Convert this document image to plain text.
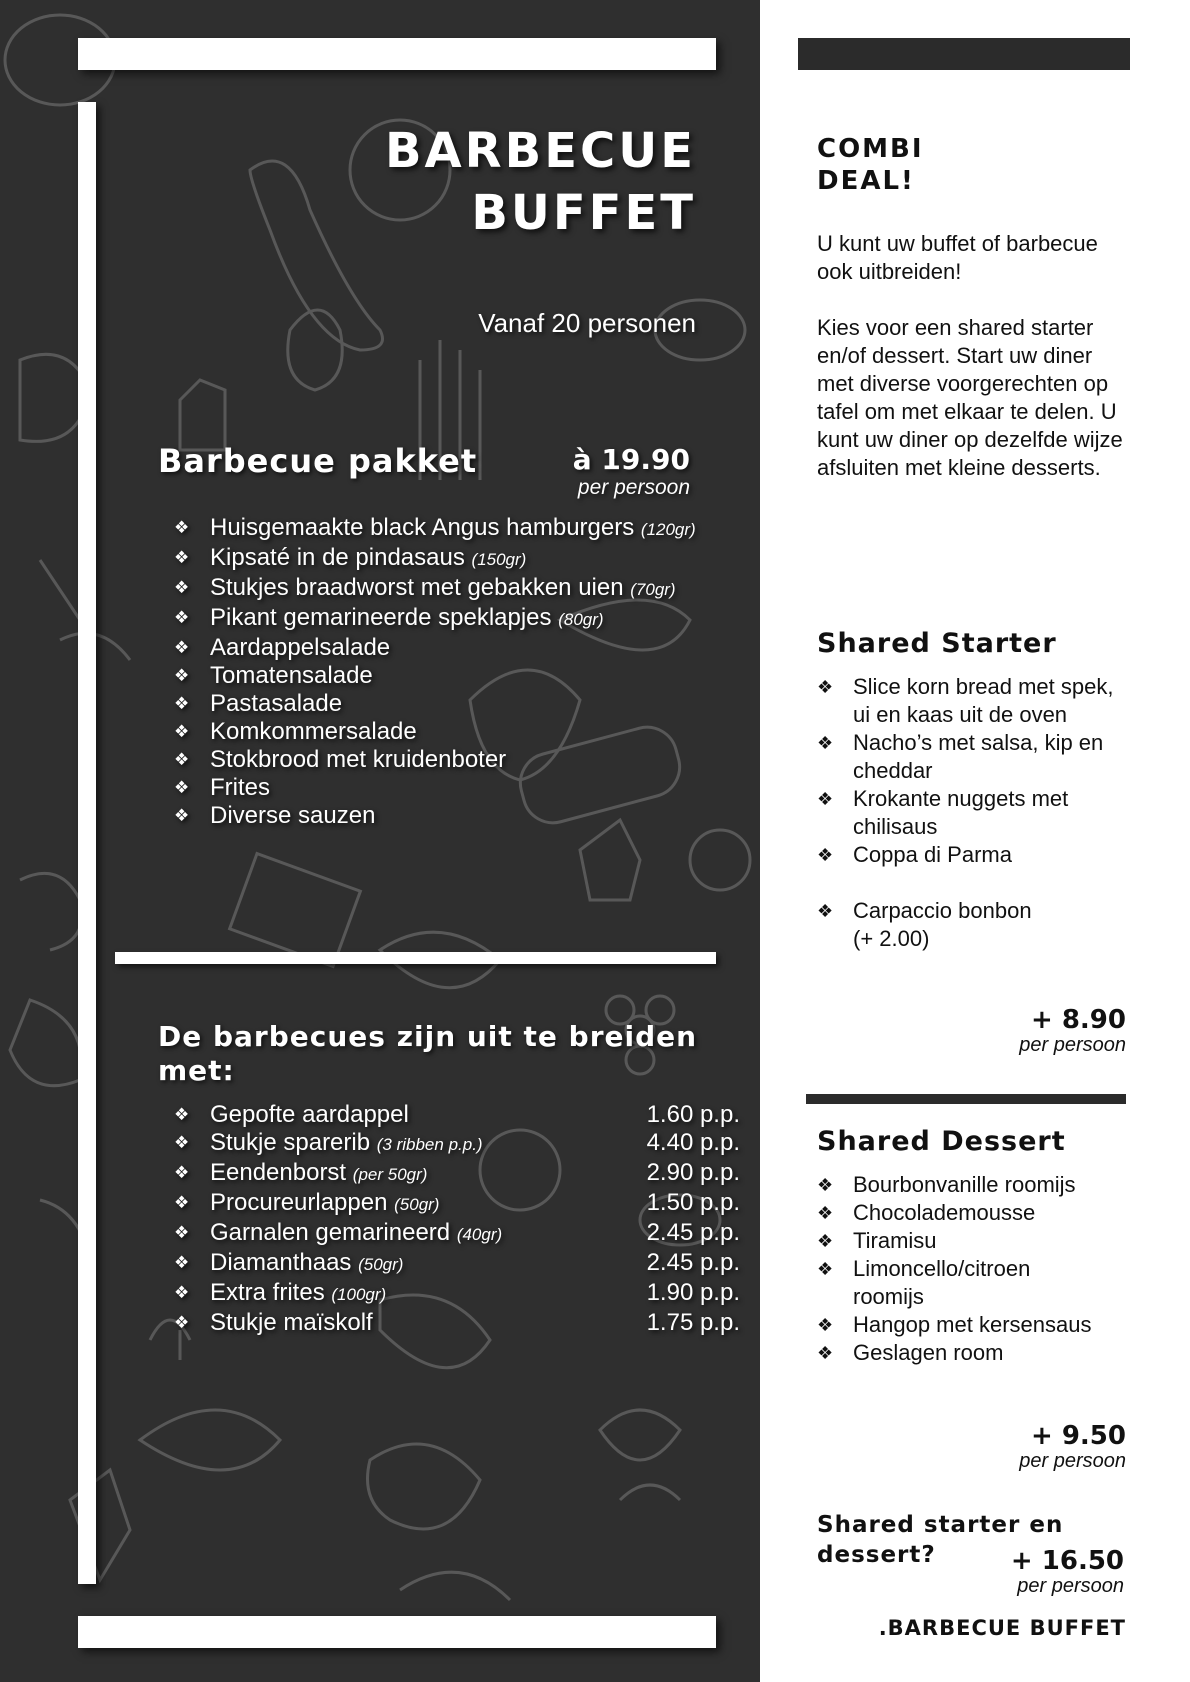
BARBECUE
BUFFET
Vanaf 20 personen
Barbecue pakket	à 19.90
per persoon
❖ Huisgemaakte black Angus hamburgers (120gr)
❖ Kipsaté in de pindasaus (150gr)
❖ Stukjes braadworst met gebakken uien (70gr)
❖ Pikant gemarineerde speklapjes (80gr)
❖ Aardappelsalade
❖ Tomatensalade
❖ Pastasalade
❖ Komkommersalade
❖ Stokbrood met kruidenboter
❖ Frites
❖ Diverse sauzen
De barbecues zijn uit te breiden met:
❖ Gepofte aardappel	1.60 p.p.
❖ Stukje sparerib (3 ribben p.p.)	4.40 p.p.
❖ Eendenborst (per 50gr)	2.90 p.p.
❖ Procureurlappen (50gr)	1.50 p.p.
❖ Garnalen gemarineerd (40gr)	2.45 p.p.
❖ Diamanthaas (50gr)	2.45 p.p.
❖ Extra frites (100gr)	1.90 p.p.
❖ Stukje maïskolf	1.75 p.p.
COMBI
DEAL!

U kunt uw buffet of barbecue ook uitbreiden!

Kies voor een shared starter en/of dessert. Start uw diner met diverse voorgerechten op tafel om met elkaar te delen. U kunt uw diner op dezelfde wijze afsluiten met kleine desserts.

Shared Starter
❖ Slice korn bread met spek, ui en kaas uit de oven
❖ Nacho’s met salsa, kip en cheddar
❖ Krokante nuggets met chilisaus
❖ Coppa di Parma
❖ Carpaccio bonbon (+ 2.00)
+ 8.90
per persoon
Shared Dessert
❖ Bourbonvanille roomijs
❖ Chocolademousse
❖ Tiramisu
❖ Limoncello/citroen roomijs
❖ Hangop met kersensaus
❖ Geslagen room
+ 9.50
per persoon
Shared starter en dessert?	+ 16.50
per persoon
.BARBECUE BUFFET
